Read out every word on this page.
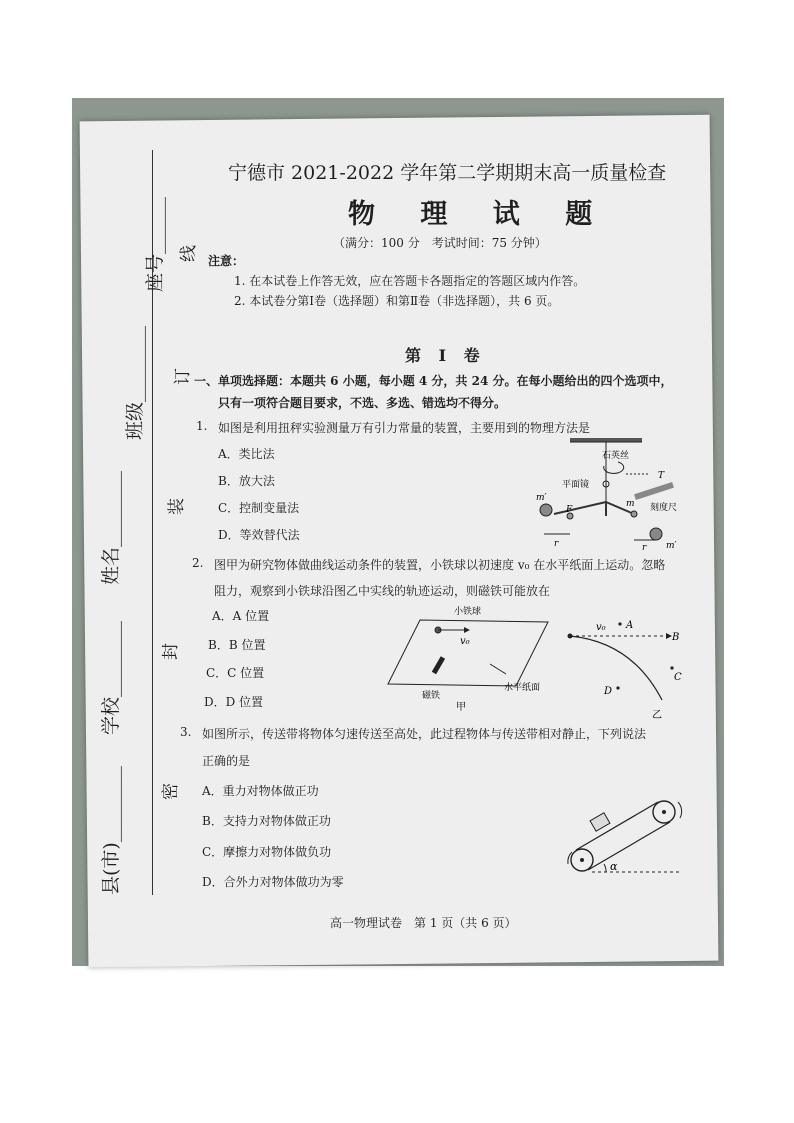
县(市)________
学校________
姓名________
班级________
座号______
密
封
装
订
线
宁德市 2021-2022 学年第二学期期末高一质量检查
物 理 试 题
（满分：100 分　考试时间：75 分钟）
注意：
1. 在本试卷上作答无效，应在答题卡各题指定的答题区域内作答。
2. 本试卷分第Ⅰ卷（选择题）和第Ⅱ卷（非选择题），共 6 页。
第 Ⅰ 卷
一、单项选择题：本题共 6 小题，每小题 4 分，共 24 分。在每小题给出的四个选项中，
只有一项符合题目要求，不选、多选、错选均不得分。
1. 如图是利用扭秤实验测量万有引力常量的装置，主要用到的物理方法是
A．类比法
B．放大法
C．控制变量法
D．等效替代法
石英丝
平面镜
刻度尺
T
m′
m
F
r	r m′
2. 图甲为研究物体做曲线运动条件的装置，小铁球以初速度 v₀ 在水平纸面上运动。忽略
阻力，观察到小铁球沿图乙中实线的轨迹运动，则磁铁可能放在
A．A 位置
B．B 位置
C．C 位置
D．D 位置
小铁球
v₀
磁铁
水平纸面
甲
v₀ A
B
C
D
乙
3. 如图所示，传送带将物体匀速传送至高处，此过程物体与传送带相对静止，下列说法
正确的是
A．重力对物体做正功
B．支持力对物体做正功
C．摩擦力对物体做负功
D．合外力对物体做功为零
α
高一物理试卷　第 1 页（共 6 页）
